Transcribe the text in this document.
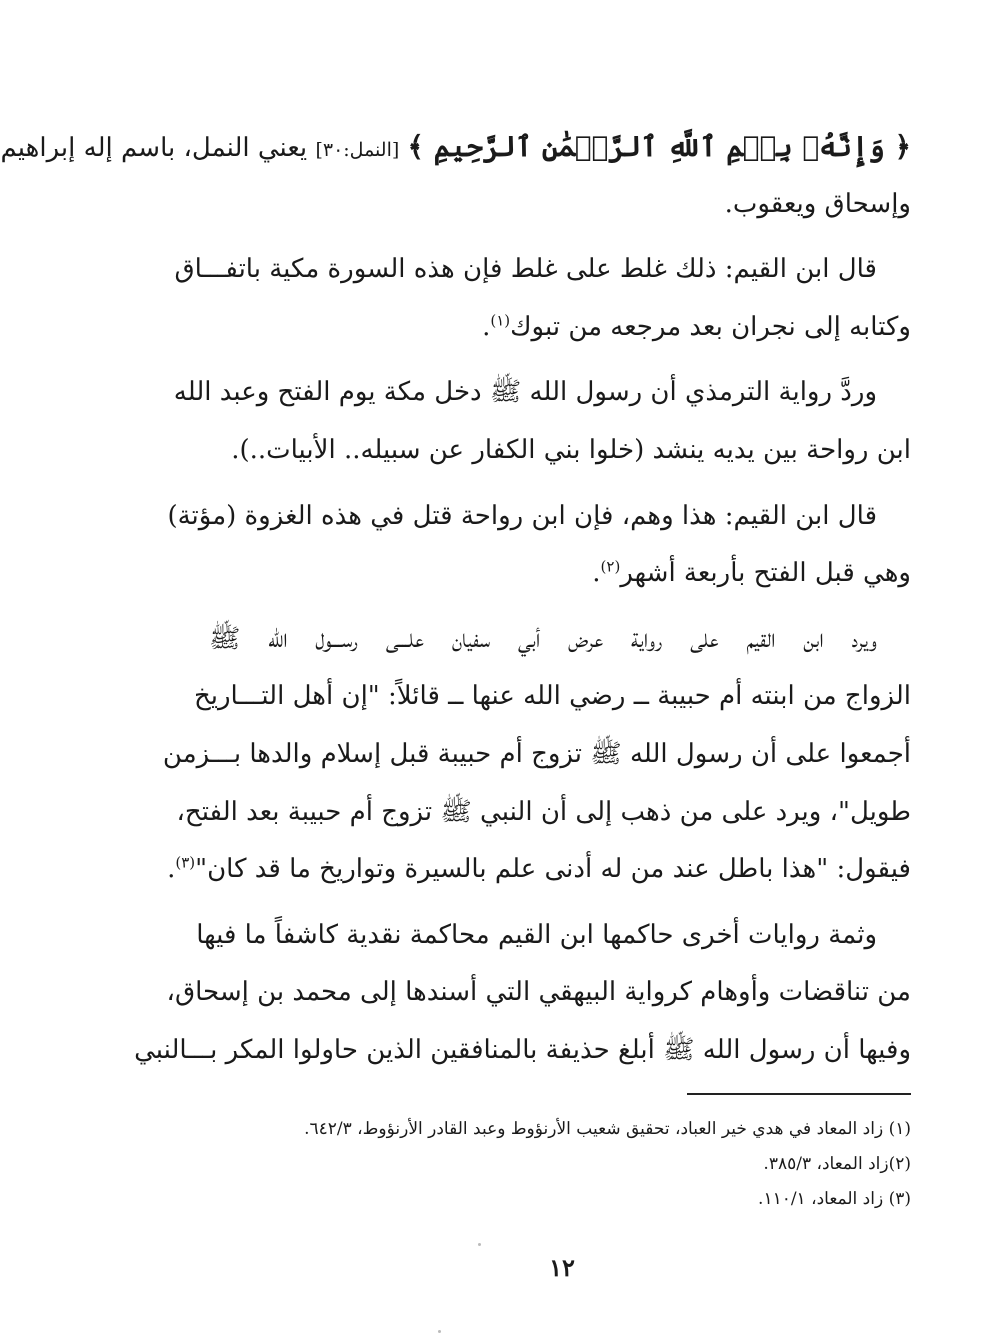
﴿ وَإِنَّهُۥ بِسۡمِ ٱللَّهِ ٱلرَّحۡمَٰنِ ٱلرَّحِيمِ ﴾ [النمل:٣٠] يعني النمل، باسم إله إبراهيم
وإسحاق ويعقوب.
قال ابن القيم: ذلك غلط على غلط فإن هذه السورة مكية باتفـــاق
وكتابه إلى نجران بعد مرجعه من تبوك$^{(١)}$.
وردَّ رواية الترمذي أن رسول الله ﷺ دخل مكة يوم الفتح وعبد الله
ابن رواحة بين يديه ينشد (خلوا بني الكفار عن سبيله.. الأبيات..).
قال ابن القيم: هذا وهم، فإن ابن رواحة قتل في هذه الغزوة (مؤتة)
وهي قبل الفتح بأربعة أشهر$^{(٢)}$.
ويرد ابن القيم على رواية عرض أبي سفيان علـــى رســـول الله ﷺ
الزواج من ابنته أم حبيبة ــ رضي الله عنها ــ قائلاً: "إن أهل التـــاريخ
أجمعوا على أن رسول الله ﷺ تزوج أم حبيبة قبل إسلام والدها بـــزمن
طويل"، ويرد على من ذهب إلى أن النبي ﷺ تزوج أم حبيبة بعد الفتح،
فيقول: "هذا باطل عند من له أدنى علم بالسيرة وتواريخ ما قد كان"$^{(٣)}$.
وثمة روايات أخرى حاكمها ابن القيم محاكمة نقدية كاشفاً ما فيها
من تناقضات وأوهام كرواية البيهقي التي أسندها إلى محمد بن إسحاق،
وفيها أن رسول الله ﷺ أبلغ حذيفة بالمنافقين الذين حاولوا المكر بـــالنبي
(١) زاد المعاد في هدي خير العباد، تحقيق شعيب الأرنؤوط وعبد القادر الأرنؤوط، ٦٤٢/٣.
(٢)زاد المعاد، ٣٨٥/٣.
(٣) زاد المعاد، ١١٠/١.
١٢
